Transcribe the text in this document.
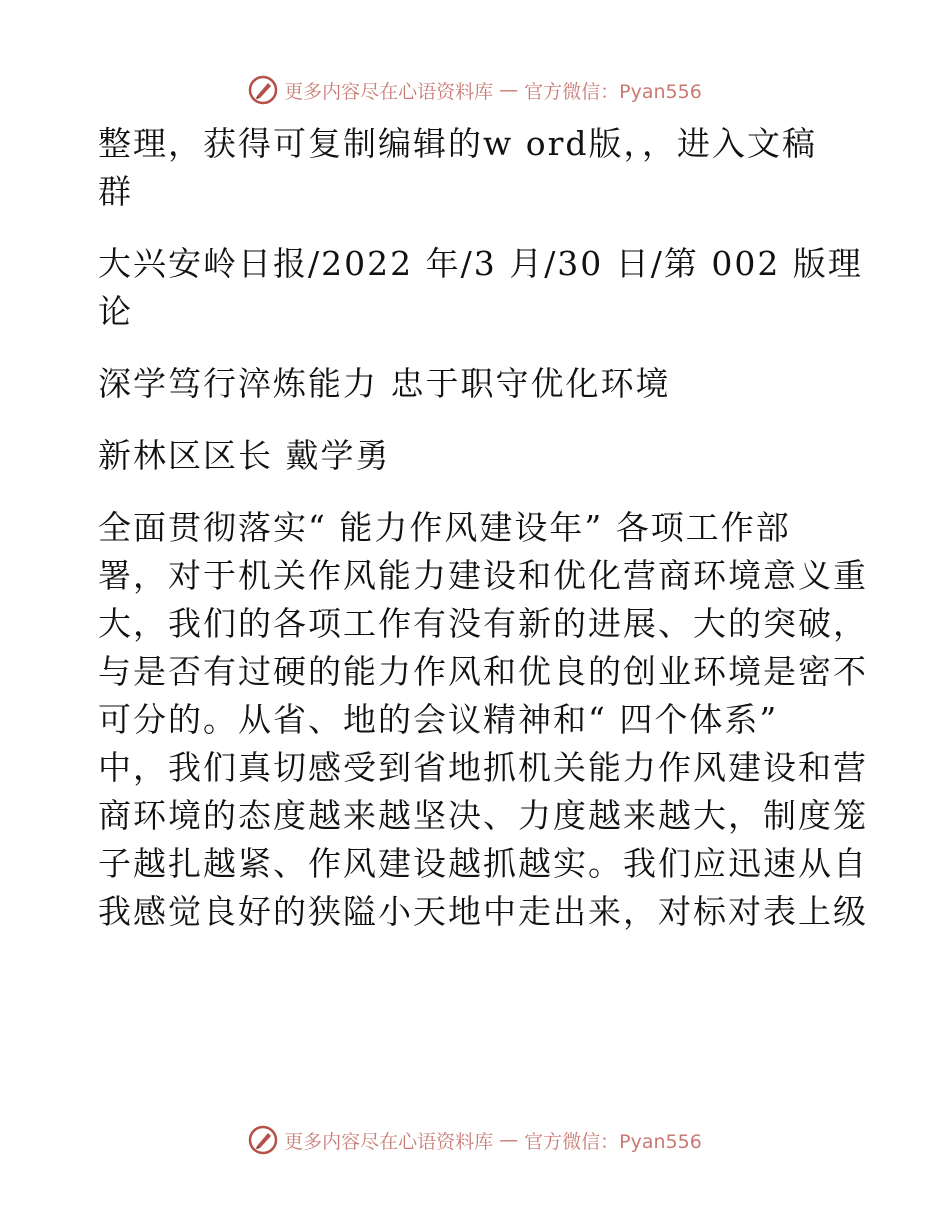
更多内容尽在心语资料库 — 官方微信：Pyan556
整理，获得可复制编辑的w ord版，，进入文稿
群
大兴安岭日报/2022 年/3 月/30 日/第 002 版理
论
深学笃行淬炼能力 忠于职守优化环境
新林区区长 戴学勇
全面贯彻落实“ 能力作风建设年” 各项工作部
署，对于机关作风能力建设和优化营商环境意义重
大，我们的各项工作有没有新的进展、大的突破，
与是否有过硬的能力作风和优良的创业环境是密不
可分的。从省、地的会议精神和“ 四个体系”
中，我们真切感受到省地抓机关能力作风建设和营
商环境的态度越来越坚决、力度越来越大，制度笼
子越扎越紧、作风建设越抓越实。我们应迅速从自
我感觉良好的狭隘小天地中走出来，对标对表上级
更多内容尽在心语资料库 — 官方微信：Pyan556
